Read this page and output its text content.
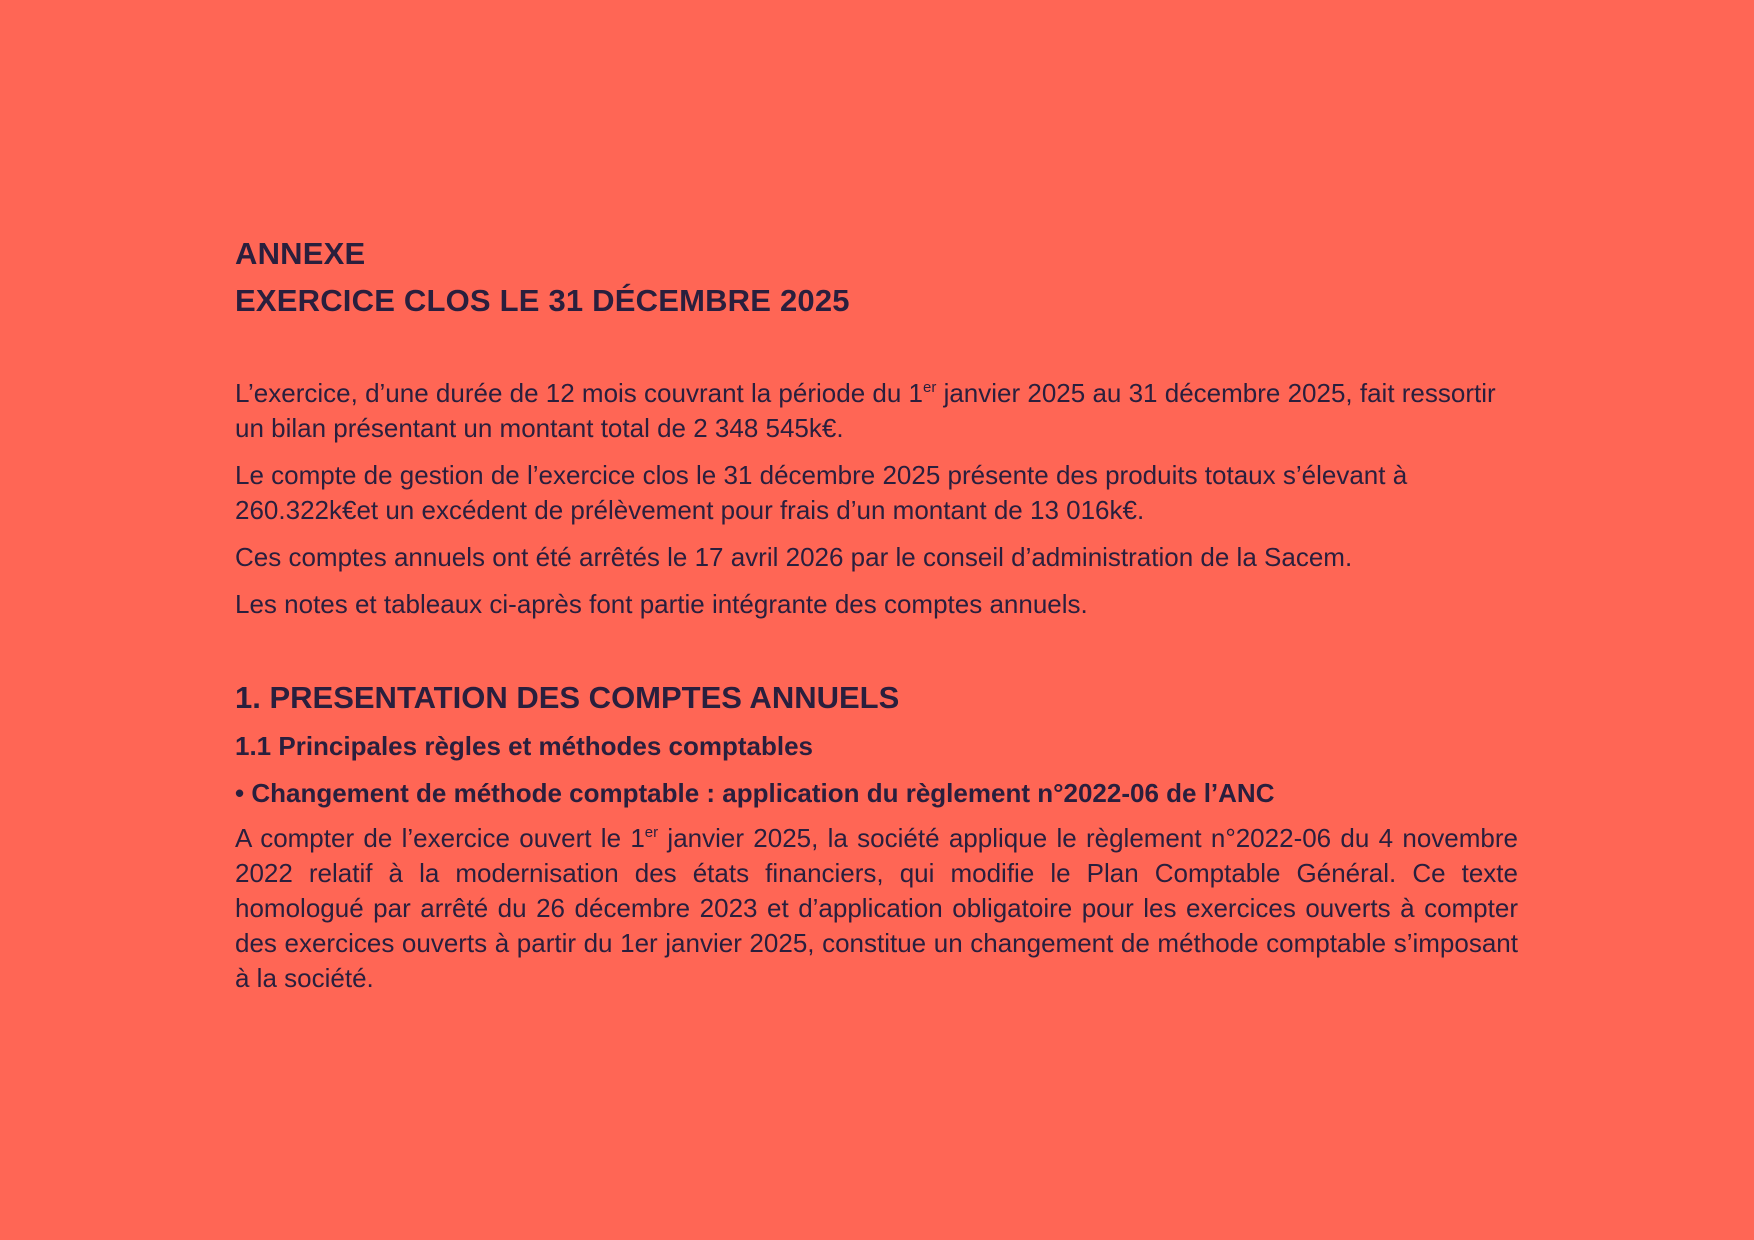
ANNEXE
EXERCICE CLOS LE 31 DÉCEMBRE 2025

L’exercice, d’une durée de 12 mois couvrant la période du 1er janvier 2025 au 31 décembre 2025, fait ressortir un bilan présentant un montant total de 2 348 545k€.

Le compte de gestion de l’exercice clos le 31 décembre 2025 présente des produits totaux s’élevant à 260.322k€et un excédent de prélèvement pour frais d’un montant de 13 016k€.

Ces comptes annuels ont été arrêtés le 17 avril 2026 par le conseil d’administration de la Sacem.

Les notes et tableaux ci-après font partie intégrante des comptes annuels.

1. PRESENTATION DES COMPTES ANNUELS
1.1 Principales règles et méthodes comptables
• Changement de méthode comptable : application du règlement n°2022-06 de l’ANC

A compter de l’exercice ouvert le 1er janvier 2025, la société applique le règlement n°2022-06 du 4 novembre 2022 relatif à la modernisation des états financiers, qui modifie le Plan Comptable Général. Ce texte homologué par arrêté du 26 décembre 2023 et d’application obligatoire pour les exercices ouverts à compter des exercices ouverts à partir du 1er janvier 2025, constitue un changement de méthode comptable s’imposant à la société.
